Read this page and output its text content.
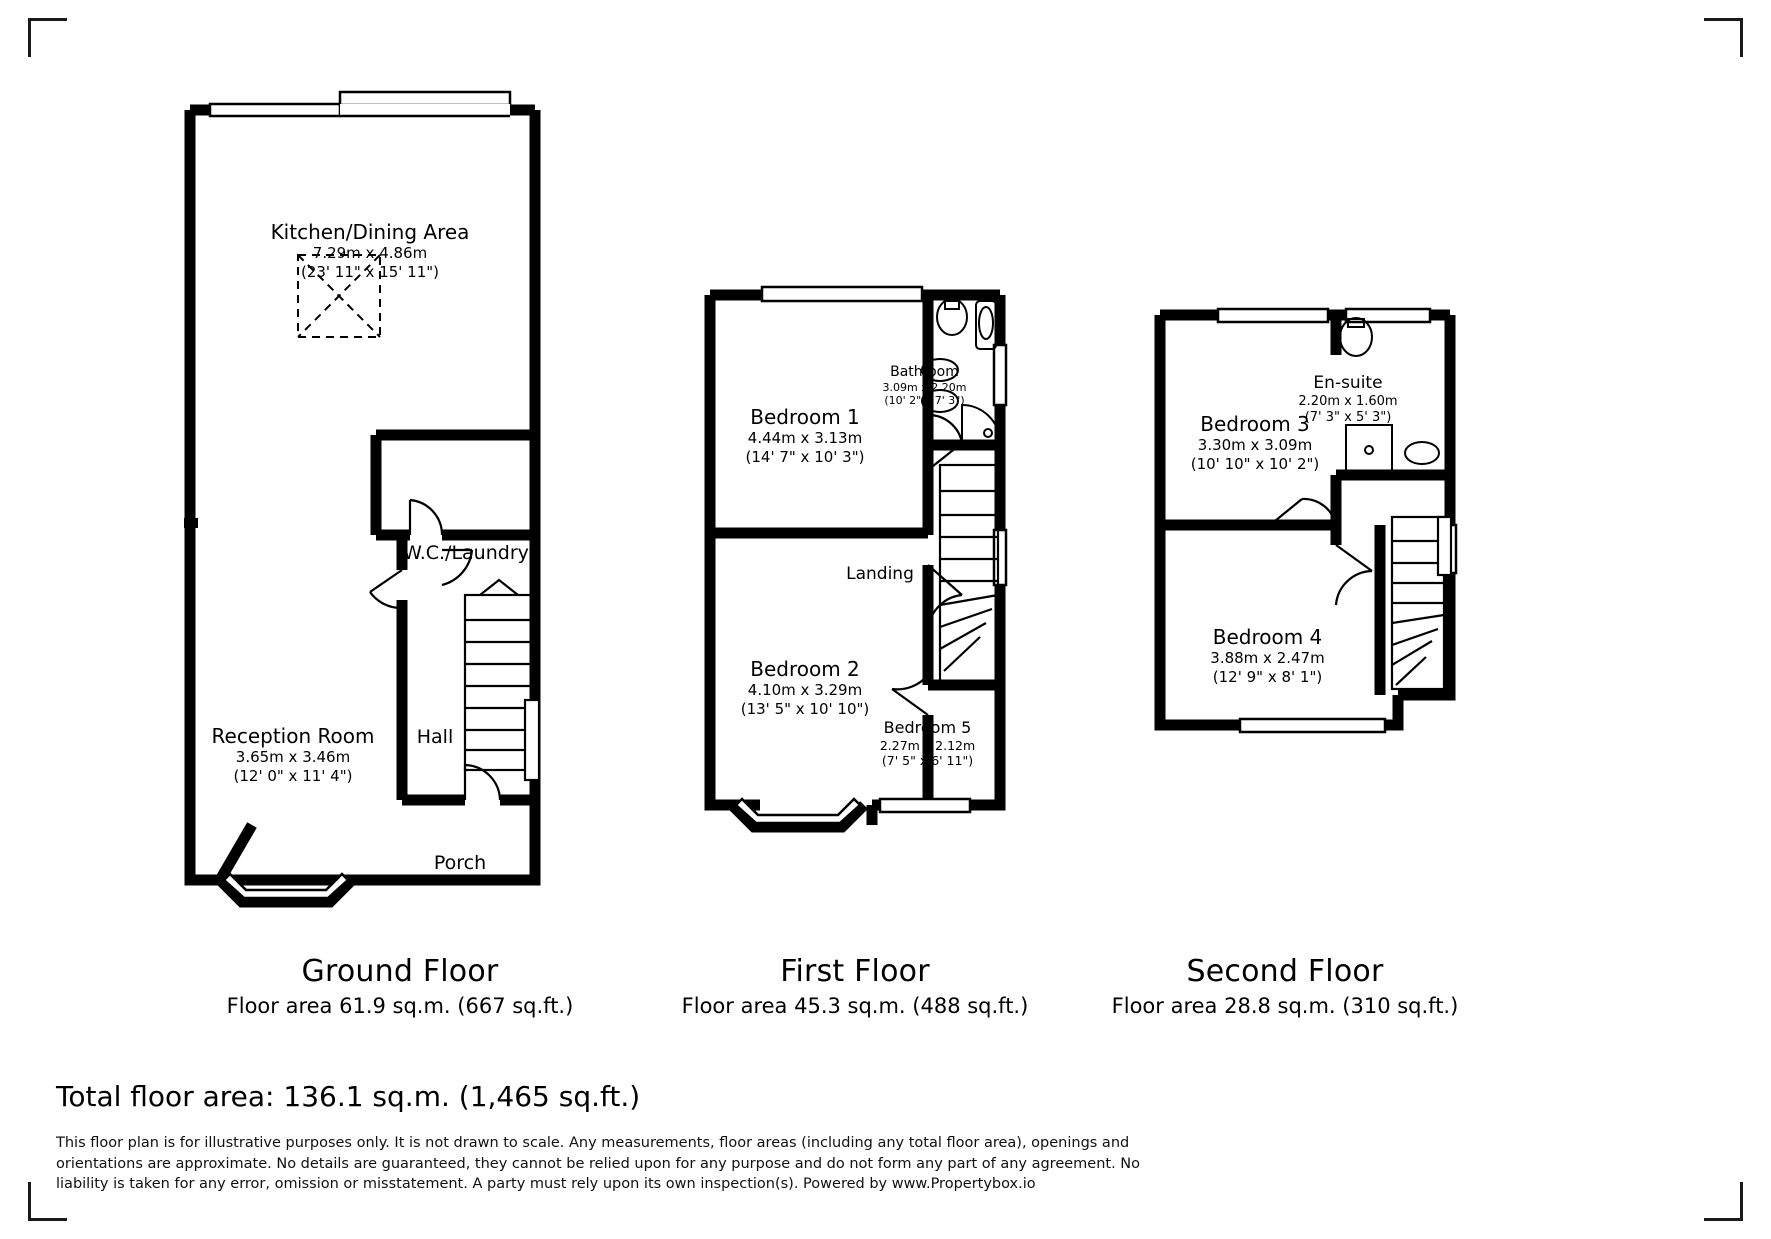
Kitchen/Dining Area
7.29m x 4.86m
(23' 11" x 15' 11")
W.C./Laundry
Reception Room
3.65m x 3.46m
(12' 0" x 11' 4")
Hall
Porch
Ground Floor
Floor area 61.9 sq.m. (667 sq.ft.)
Bedroom 1
4.44m x 3.13m
(14' 7" x 10' 3")
Bathroom
3.09m x 2.20m
(10' 2" x 7' 3")
Bedroom 2
4.10m x 3.29m
(13' 5" x 10' 10")
Bedroom 5
2.27m x 2.12m
(7' 5" x 6' 11")
Landing
First Floor
Floor area 45.3 sq.m. (488 sq.ft.)
Bedroom 3
3.30m x 3.09m
(10' 10" x 10' 2")
En-suite
2.20m x 1.60m
(7' 3" x 5' 3")
Bedroom 4
3.88m x 2.47m
(12' 9" x 8' 1")
Second Floor
Floor area 28.8 sq.m. (310 sq.ft.)
Total floor area: 136.1 sq.m. (1,465 sq.ft.)
This floor plan is for illustrative purposes only. It is not drawn to scale. Any measurements, floor areas (including any total floor area), openings and orientations are approximate. No details are guaranteed, they cannot be relied upon for any purpose and do not form any part of any agreement. No liability is taken for any error, omission or misstatement. A party must rely upon its own inspection(s). Powered by www.Propertybox.io
